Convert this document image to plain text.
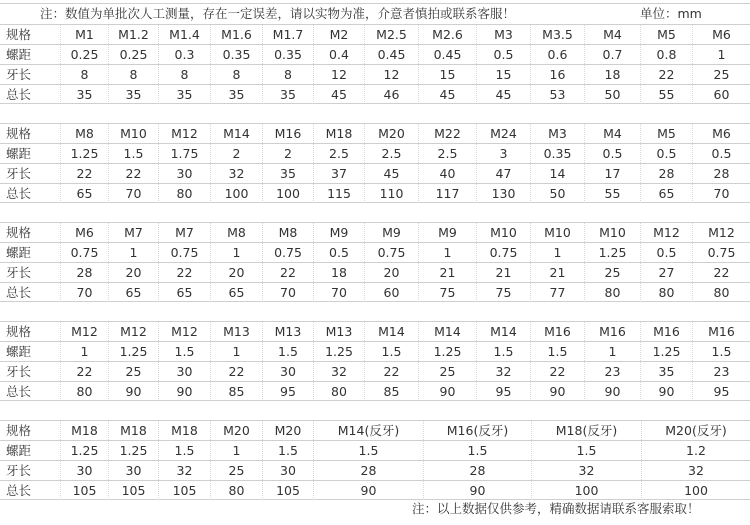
注：数值为单批次人工测量，存在一定误差，请以实物为准，介意者慎拍或联系客服！	单位：mm
规格	M1	M1.2	M1.4	M1.6	M1.7	M2	M2.5	M2.6	M3	M3.5	M4	M5	M6
螺距	0.25	0.25	0.3	0.35	0.35	0.4	0.45	0.45	0.5	0.6	0.7	0.8	1
牙长	8	8	8	8	8	12	12	15	15	16	18	22	25
总长	35	35	35	35	35	45	46	45	45	53	50	55	60
规格	M8	M10	M12	M14	M16	M18	M20	M22	M24	M3	M4	M5	M6
螺距	1.25	1.5	1.75	2	2	2.5	2.5	2.5	3	0.35	0.5	0.5	0.5
牙长	22	22	30	32	35	37	45	40	47	14	17	28	28
总长	65	70	80	100	100	115	110	117	130	50	55	65	70
规格	M6	M7	M7	M8	M8	M9	M9	M9	M10	M10	M10	M12	M12
螺距	0.75	1	0.75	1	0.75	0.5	0.75	1	0.75	1	1.25	0.5	0.75
牙长	28	20	22	20	22	18	20	21	21	21	25	27	22
总长	70	65	65	65	70	70	60	75	75	77	80	80	80
规格	M12	M12	M12	M13	M13	M13	M14	M14	M14	M16	M16	M16	M16
螺距	1	1.25	1.5	1	1.5	1.25	1.5	1.25	1.5	1.5	1	1.25	1.5
牙长	22	25	30	22	30	32	22	25	32	22	23	35	23
总长	80	90	90	85	95	80	85	90	95	90	90	90	95
规格	M18	M18	M18	M20	M20	M14(反牙)	M16(反牙)	M18(反牙)	M20(反牙)
螺距	1.25	1.25	1.5	1	1.5	1.5	1.5	1.5	1.2
牙长	30	30	32	25	30	28	28	32	32
总长	105	105	105	80	105	90	90	100	100
注：以上数据仅供参考，精确数据请联系客服索取！
